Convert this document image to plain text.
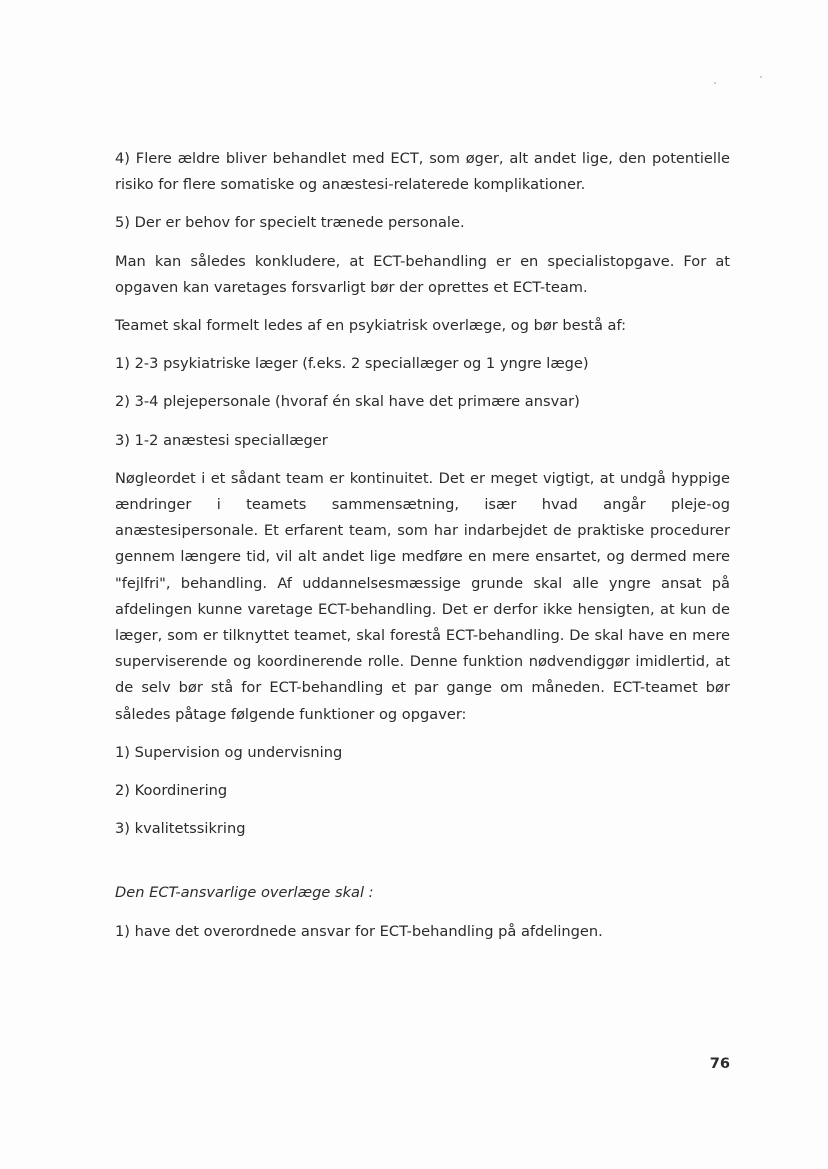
4) Flere ældre bliver behandlet med ECT, som øger, alt andet lige, den potentielle risiko for flere somatiske og anæstesi-relaterede komplikationer.

5) Der er behov for specielt trænede personale.

Man kan således konkludere, at ECT-behandling er en specialistopgave. For at opgaven kan varetages forsvarligt bør der oprettes et ECT-team.

Teamet skal formelt ledes af en psykiatrisk overlæge, og bør bestå af:

1) 2-3 psykiatriske læger (f.eks. 2 speciallæger og 1 yngre læge)

2) 3-4 plejepersonale (hvoraf én skal have det primære ansvar)

3) 1-2 anæstesi speciallæger

Nøgleordet i et sådant team er kontinuitet. Det er meget vigtigt, at undgå hyppige ændringer i teamets sammensætning, især hvad angår pleje-og anæstesipersonale. Et erfarent team, som har indarbejdet de praktiske procedurer gennem længere tid, vil alt andet lige medføre en mere ensartet, og dermed mere "fejlfri", behandling. Af uddannelsesmæssige grunde skal alle yngre ansat på afdelingen kunne varetage ECT-behandling. Det er derfor ikke hensigten, at kun de læger, som er tilknyttet teamet, skal forestå ECT-behandling. De skal have en mere superviserende og koordinerende rolle. Denne funktion nødvendiggør imidlertid, at de selv bør stå for ECT-behandling et par gange om måneden. ECT-teamet bør således påtage følgende funktioner og opgaver:

1) Supervision og undervisning

2) Koordinering

3) kvalitetssikring

Den ECT-ansvarlige overlæge skal :

1) have det overordnede ansvar for ECT-behandling på afdelingen.

76
